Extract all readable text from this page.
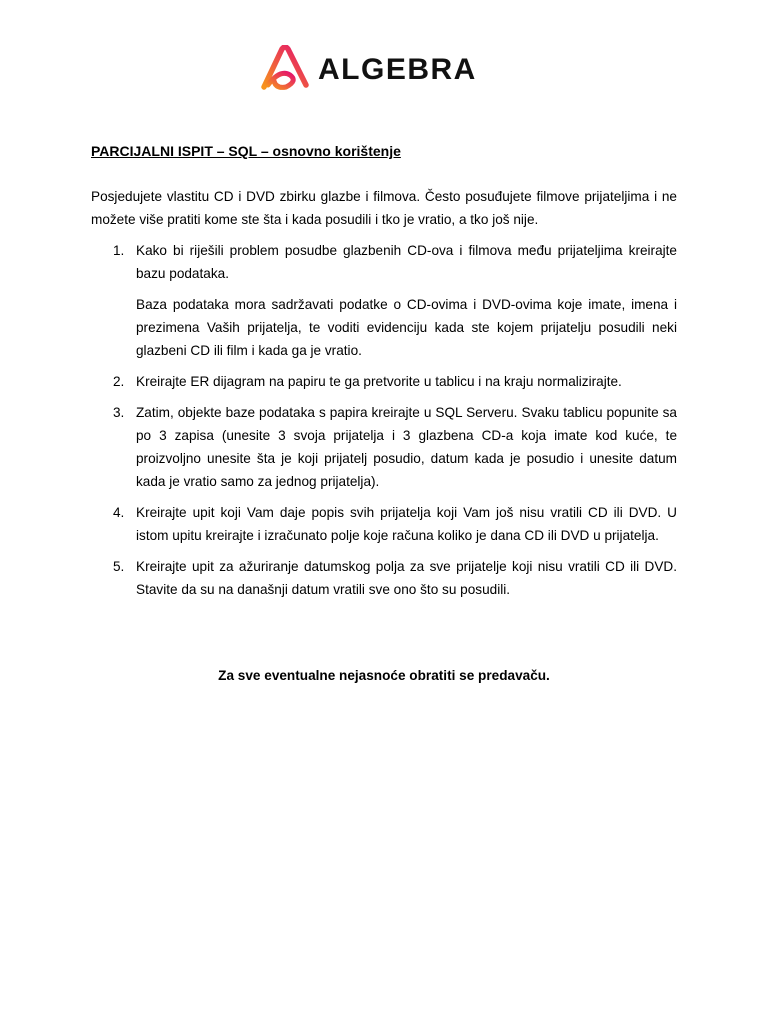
ALGEBRA

PARCIJALNI ISPIT – SQL – osnovno korištenje

Posjedujete vlastitu CD i DVD zbirku glazbe i filmova. Često posuđujete filmove prijateljima i ne možete više pratiti kome ste šta i kada posudili i tko je vratio, a tko još nije.

1. Kako bi riješili problem posudbe glazbenih CD-ova i filmova među prijateljima kreirajte bazu podataka.
Baza podataka mora sadržavati podatke o CD-ovima i DVD-ovima koje imate, imena i prezimena Vaših prijatelja, te voditi evidenciju kada ste kojem prijatelju posudili neki glazbeni CD ili film i kada ga je vratio.
2. Kreirajte ER dijagram na papiru te ga pretvorite u tablicu i na kraju normalizirajte.
3. Zatim, objekte baze podataka s papira kreirajte u SQL Serveru. Svaku tablicu popunite sa po 3 zapisa (unesite 3 svoja prijatelja i 3 glazbena CD-a koja imate kod kuće, te proizvoljno unesite šta je koji prijatelj posudio, datum kada je posudio i unesite datum kada je vratio samo za jednog prijatelja).
4. Kreirajte upit koji Vam daje popis svih prijatelja koji Vam još nisu vratili CD ili DVD. U istom upitu kreirajte i izračunato polje koje računa koliko je dana CD ili DVD u prijatelja.
5. Kreirajte upit za ažuriranje datumskog polja za sve prijatelje koji nisu vratili CD ili DVD. Stavite da su na današnji datum vratili sve ono što su posudili.

Za sve eventualne nejasnoće obratiti se predavaču.
